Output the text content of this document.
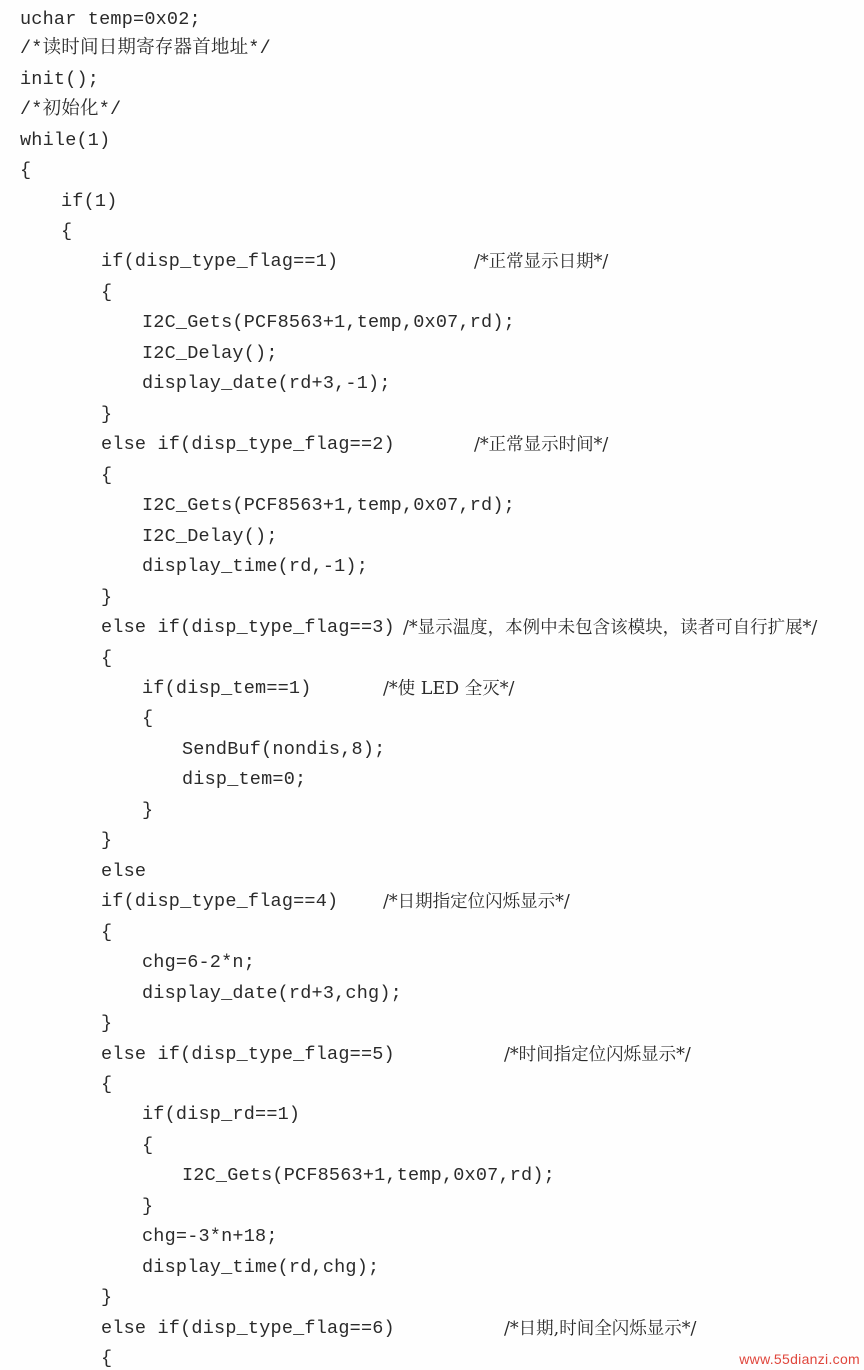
uchar temp=0x02;
/*读时间日期寄存器首地址*/
init();
/*初始化*/
while(1)
{
if(1)
{
if(disp_type_flag==1)	/*正常显示日期*/
{
I2C_Gets(PCF8563+1,temp,0x07,rd);
I2C_Delay();
display_date(rd+3,-1);
}
else if(disp_type_flag==2)	/*正常显示时间*/
{
I2C_Gets(PCF8563+1,temp,0x07,rd);
I2C_Delay();
display_time(rd,-1);
}
else if(disp_type_flag==3) /*显示温度，本例中未包含该模块，读者可自行扩展*/
{
if(disp_tem==1)	/*使 LED 全灭*/
{
SendBuf(nondis,8);
disp_tem=0;
}
}
else
if(disp_type_flag==4)	/*日期指定位闪烁显示*/
{
chg=6-2*n;
display_date(rd+3,chg);
}
else if(disp_type_flag==5)	/*时间指定位闪烁显示*/
{
if(disp_rd==1)
{
I2C_Gets(PCF8563+1,temp,0x07,rd);
}
chg=-3*n+18;
display_time(rd,chg);
}
else if(disp_type_flag==6)	/*日期,时间全闪烁显示*/
{	www.55dianzi.com
